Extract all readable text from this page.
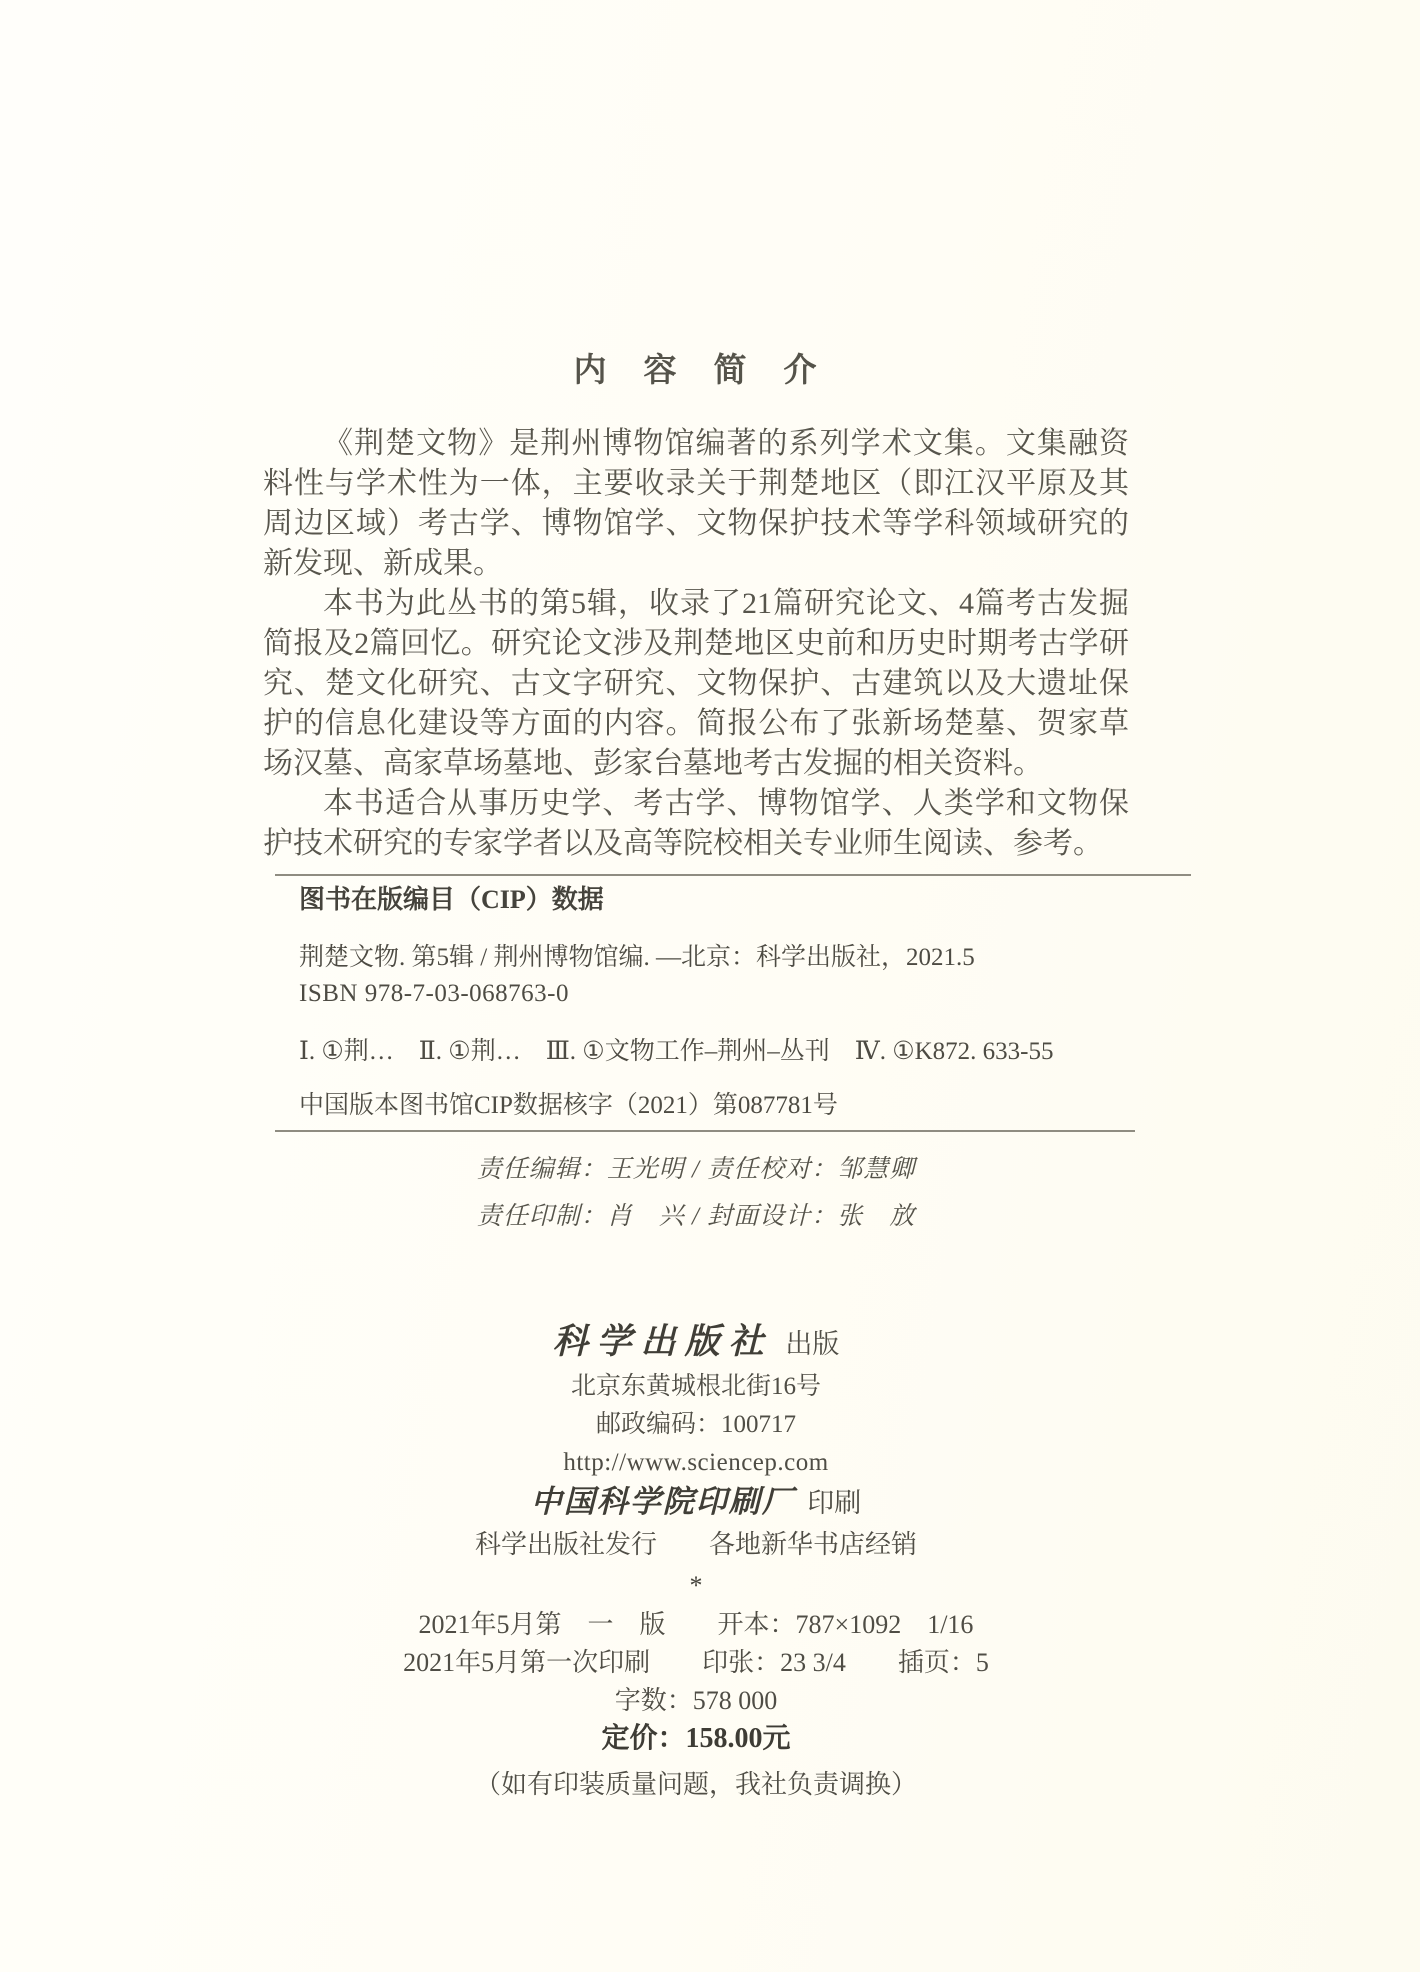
内　容　简　介

《荆楚文物》是荆州博物馆编著的系列学术文集。文集融资料性与学术性为一体，主要收录关于荆楚地区（即江汉平原及其周边区域）考古学、博物馆学、文物保护技术等学科领域研究的新发现、新成果。

本书为此丛书的第5辑，收录了21篇研究论文、4篇考古发掘简报及2篇回忆。研究论文涉及荆楚地区史前和历史时期考古学研究、楚文化研究、古文字研究、文物保护、古建筑以及大遗址保护的信息化建设等方面的内容。简报公布了张新场楚墓、贺家草场汉墓、高家草场墓地、彭家台墓地考古发掘的相关资料。

本书适合从事历史学、考古学、博物馆学、人类学和文物保护技术研究的专家学者以及高等院校相关专业师生阅读、参考。

图书在版编目（CIP）数据

荆楚文物. 第5辑 / 荆州博物馆编. —北京：科学出版社，2021.5

ISBN 978-7-03-068763-0

Ⅰ. ①荆…　Ⅱ. ①荆…　Ⅲ. ①文物工作–荆州–丛刊　Ⅳ. ①K872. 633-55

中国版本图书馆CIP数据核字（2021）第087781号

责任编辑：王光明 / 责任校对：邹慧卿

责任印制：肖　兴 / 封面设计：张　放

科学出版社 出版

北京东黄城根北街16号

邮政编码：100717

http://www.sciencep.com

中国科学院印刷厂 印刷

科学出版社发行　　各地新华书店经销

*

2021年5月第　一　版　　开本：787×1092　1/16

2021年5月第一次印刷　　印张：23 3/4　　插页：5

字数：578 000

定价：158.00元

（如有印装质量问题，我社负责调换）
